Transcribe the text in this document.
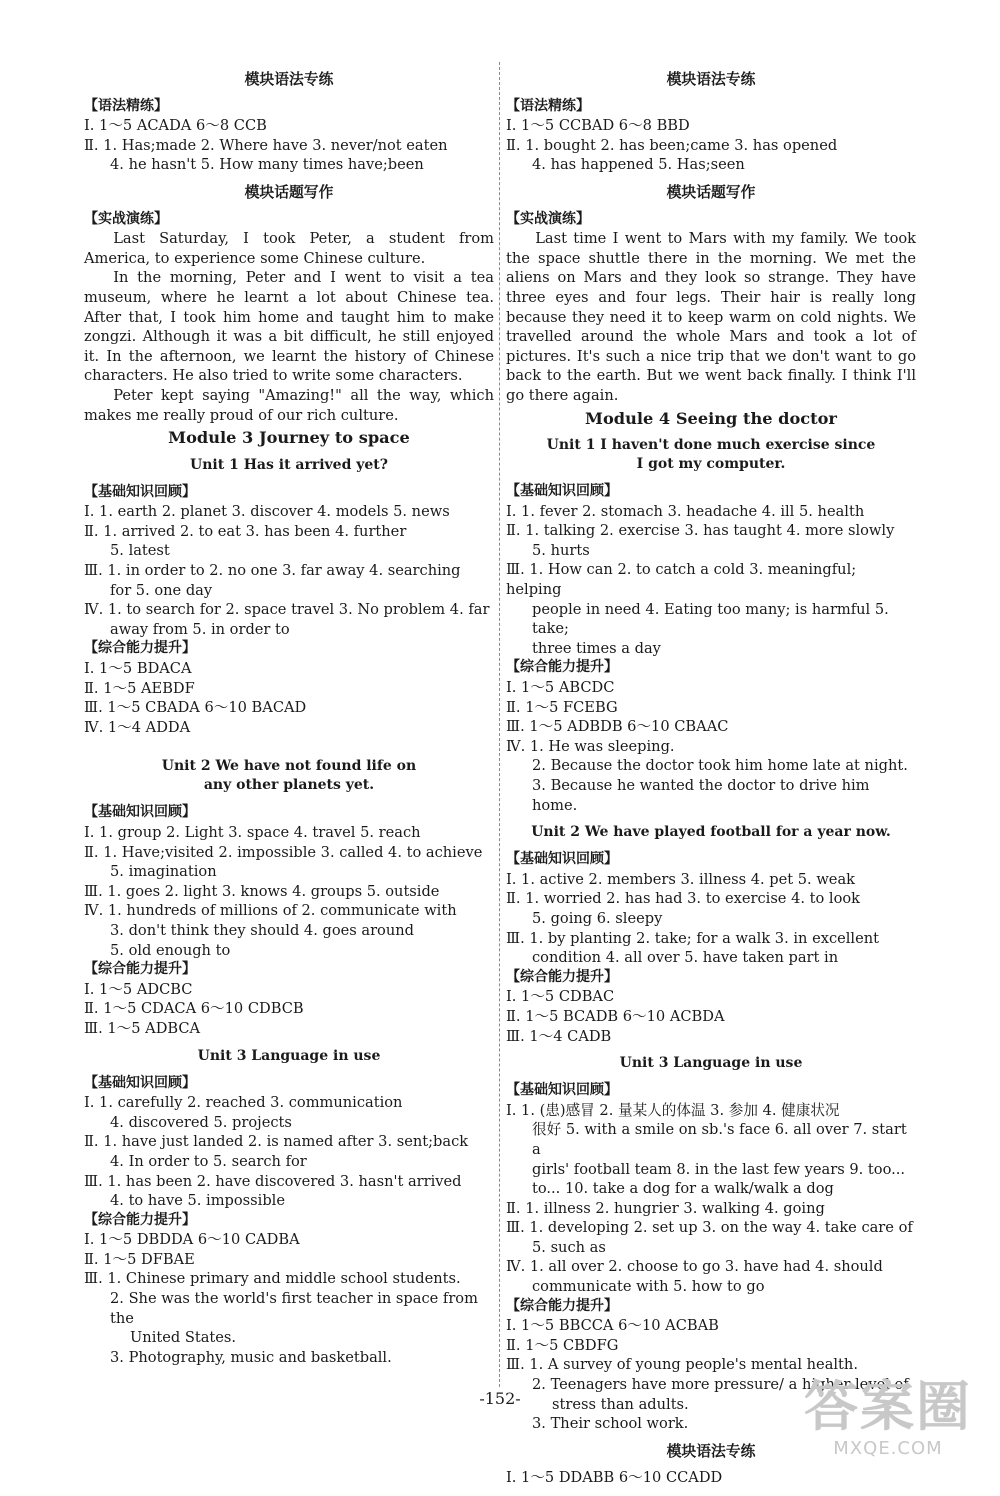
模块语法专练
【语法精练】
Ⅰ. 1～5 ACADA 6～8 CCB
Ⅱ. 1. Has;made 2. Where have 3. never/not eaten
4. he hasn't 5. How many times have;been
模块话题写作
【实战演练】
Last Saturday, I took Peter, a student from America, to experience some Chinese culture.
In the morning, Peter and I went to visit a tea museum, where he learnt a lot about Chinese tea. After that, I took him home and taught him to make zongzi. Although it was a bit difficult, he still enjoyed it. In the afternoon, we learnt the history of Chinese characters. He also tried to write some characters.
Peter kept saying "Amazing!" all the way, which makes me really proud of our rich culture.
Module 3 Journey to space
Unit 1 Has it arrived yet?
【基础知识回顾】
Ⅰ. 1. earth 2. planet 3. discover 4. models 5. news
Ⅱ. 1. arrived 2. to eat 3. has been 4. further
5. latest
Ⅲ. 1. in order to 2. no one 3. far away 4. searching
for 5. one day
Ⅳ. 1. to search for 2. space travel 3. No problem 4. far
away from 5. in order to
【综合能力提升】
Ⅰ. 1～5 BDACA
Ⅱ. 1～5 AEBDF
Ⅲ. 1～5 CBADA 6～10 BACAD
Ⅳ. 1～4 ADDA
Unit 2 We have not found life on
any other planets yet.
【基础知识回顾】
Ⅰ. 1. group 2. Light 3. space 4. travel 5. reach
Ⅱ. 1. Have;visited 2. impossible 3. called 4. to achieve
5. imagination
Ⅲ. 1. goes 2. light 3. knows 4. groups 5. outside
Ⅳ. 1. hundreds of millions of 2. communicate with
3. don't think they should 4. goes around
5. old enough to
【综合能力提升】
Ⅰ. 1～5 ADCBC
Ⅱ. 1～5 CDACA 6～10 CDBCB
Ⅲ. 1～5 ADBCA
Unit 3 Language in use
【基础知识回顾】
Ⅰ. 1. carefully 2. reached 3. communication
4. discovered 5. projects
Ⅱ. 1. have just landed 2. is named after 3. sent;back
4. In order to 5. search for
Ⅲ. 1. has been 2. have discovered 3. hasn't arrived
4. to have 5. impossible
【综合能力提升】
Ⅰ. 1～5 DBDDA 6～10 CADBA
Ⅱ. 1～5 DFBAE
Ⅲ. 1. Chinese primary and middle school students.
2. She was the world's first teacher in space from the
United States.
3. Photography, music and basketball.
模块语法专练
【语法精练】
Ⅰ. 1～5 CCBAD 6～8 BBD
Ⅱ. 1. bought 2. has been;came 3. has opened
4. has happened 5. Has;seen
模块话题写作
【实战演练】
Last time I went to Mars with my family. We took the space shuttle there in the morning. We met the aliens on Mars and they look so strange. They have three eyes and four legs. Their hair is really long because they need it to keep warm on cold nights. We travelled around the whole Mars and took a lot of pictures. It's such a nice trip that we don't want to go back to the earth. But we went back finally. I think I'll go there again.
Module 4 Seeing the doctor
Unit 1 I haven't done much exercise since
I got my computer.
【基础知识回顾】
Ⅰ. 1. fever 2. stomach 3. headache 4. ill 5. health
Ⅱ. 1. talking 2. exercise 3. has taught 4. more slowly
5. hurts
Ⅲ. 1. How can 2. to catch a cold 3. meaningful; helping
people in need 4. Eating too many; is harmful 5. take;
three times a day
【综合能力提升】
Ⅰ. 1～5 ABCDC
Ⅱ. 1～5 FCEBG
Ⅲ. 1～5 ADBDB 6～10 CBAAC
Ⅳ. 1. He was sleeping.
2. Because the doctor took him home late at night.
3. Because he wanted the doctor to drive him home.
Unit 2 We have played football for a year now.
【基础知识回顾】
Ⅰ. 1. active 2. members 3. illness 4. pet 5. weak
Ⅱ. 1. worried 2. has had 3. to exercise 4. to look
5. going 6. sleepy
Ⅲ. 1. by planting 2. take; for a walk 3. in excellent
condition 4. all over 5. have taken part in
【综合能力提升】
Ⅰ. 1～5 CDBAC
Ⅱ. 1～5 BCADB 6～10 ACBDA
Ⅲ. 1～4 CADB
Unit 3 Language in use
【基础知识回顾】
Ⅰ. 1. (患)感冒 2. 量某人的体温 3. 参加 4. 健康状况
很好 5. with a smile on sb.'s face 6. all over 7. start a
girls' football team 8. in the last few years 9. too...
to... 10. take a dog for a walk/walk a dog
Ⅱ. 1. illness 2. hungrier 3. walking 4. going
Ⅲ. 1. developing 2. set up 3. on the way 4. take care of
5. such as
Ⅳ. 1. all over 2. choose to go 3. have had 4. should
communicate with 5. how to go
【综合能力提升】
Ⅰ. 1～5 BBCCA 6～10 ACBAB
Ⅱ. 1～5 CBDFG
Ⅲ. 1. A survey of young people's mental health.
2. Teenagers have more pressure/ a higher level of
stress than adults.
3. Their school work.
模块语法专练
Ⅰ. 1～5 DDABB 6～10 CCADD
-152-	答案圈
MXQE.COM
